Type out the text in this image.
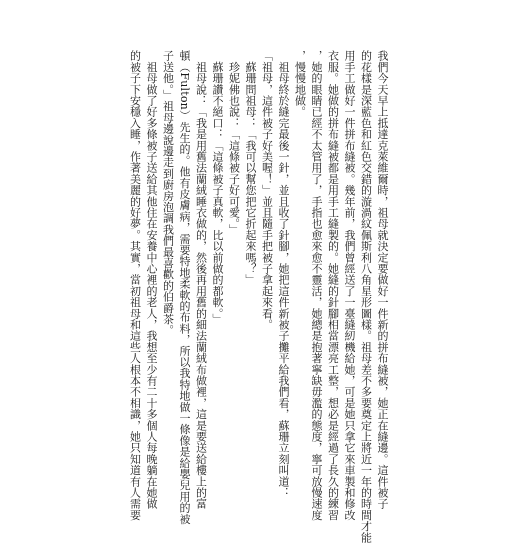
我們今天早上抵達克萊維爾時，祖母就決定要做好一件新的拼布縫被，她正在縫邊。這件被子
的花樣是深藍色和紅色交錯的漩渦紋佩斯利八角星形圖樣。祖母差不多要奠定上將近一年的時間才能
用手工做好一件拼布縫被。幾年前，我們曾經送了一臺縫紉機給她，可是她只拿它來車製和修改
衣服。她做的拼布縫被都是用手工縫製的。她縫的針腳相當漂亮工整，想必是經過了長久的練習
，她的眼睛已經不太管用了，手指也愈來愈不靈活，她總是抱著寧缺毋濫的態度，寧可放慢速度
，慢慢地做。
　祖母終於縫完最後一針，並且收了針腳，她把這件新被子攤平給我們看，蘇珊立刻叫道：
「祖母，這件被子好美喔！」並且隨手把被子拿起來看。
　蘇珊問祖母：「我可以幫您把它折起來嗎？」
　珍妮佛也說：「這條被子好可愛。」
　蘇珊讚不絕口：「這條被子真軟，比以前做的都軟。」
　祖母說：「我是用舊法蘭絨睡衣做的，然後再用舊的細法蘭絨布做裡，這是要送給樓上的富
頓（Fulton）先生的。他有皮膚病，需要特地柔軟的布料，所以我特地做一條像是給嬰兒用的被
子送他。」祖母邊說邊走到廚房泡調我們最喜歡的伯爵茶。
　祖母做了好多條被子送給其他住在安養中心裡的老人，我想至少有二十多個人每晚躺在她做
的被子下安穩入睡，作著美麗的好夢。其實，當初祖母和這些人根本不相識，她只知道有人需要
